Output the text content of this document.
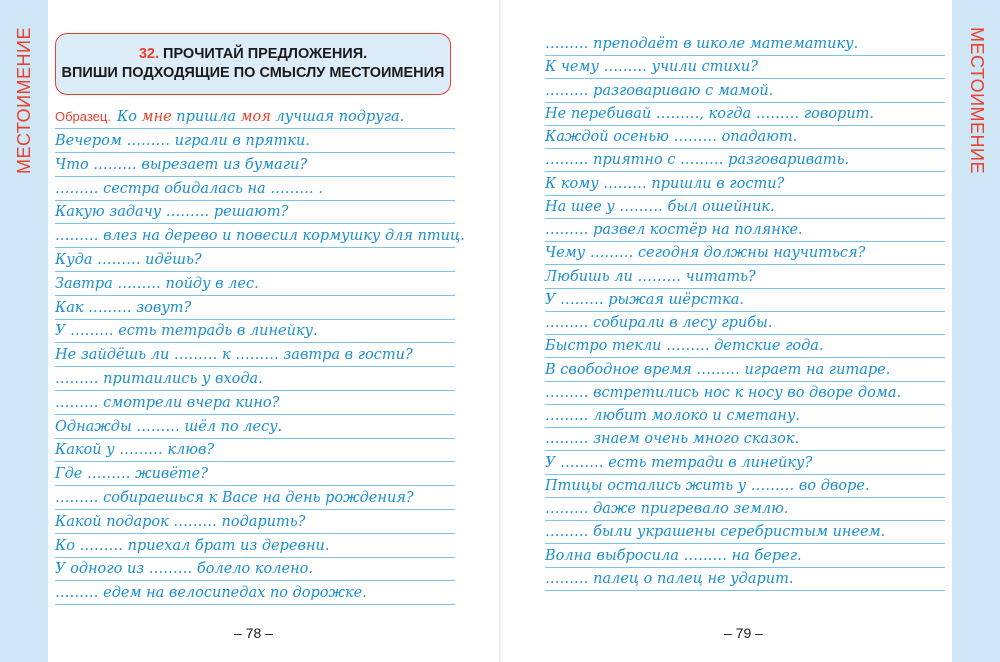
МЕСТОИМЕНИЕ	МЕСТОИМЕНИЕ
32. ПРОЧИТАЙ ПРЕДЛОЖЕНИЯ.
ВПИШИ ПОДХОДЯЩИЕ ПО СМЫСЛУ МЕСТОИМЕНИЯ
Образец. Ко мне пришла моя лучшая подруга.
Вечером ……… играли в прятки.
Что ……… вырезает из бумаги?
……… сестра обидалась на ……… .
Какую задачу ……… решают?
……… влез на дерево и повесил кормушку для птиц.
Куда ……… идёшь?
Завтра ……… пойду в лес.
Как ……… зовут?
У ……… есть тетрадь в линейку.
Не зайдёшь ли ……… к ……… завтра в гости?
……… притаились у входа.
……… смотрели вчера кино?
Однажды ……… шёл по лесу.
Какой у ……… клюв?
Где ……… живёте?
……… собираешься к Васе на день рождения?
Какой подарок ……… подарить?
Ко ……… приехал брат из деревни.
У одного из ……… болело колено.
……… едем на велосипедах по дорожке.
……… преподаёт в школе математику.
К чему ……… учили стихи?
……… разговариваю с мамой.
Не перебивай ………, когда ……… говорит.
Каждой осенью ……… опадают.
……… приятно с ……… разговаривать.
К кому ……… пришли в гости?
На шее у ……… был ошейник.
……… развел костёр на полянке.
Чему ……… сегодня должны научиться?
Любишь ли ……… читать?
У ……… рыжая шёрстка.
……… собирали в лесу грибы.
Быстро текли ……… детские года.
В свободное время ……… играет на гитаре.
……… встретились нос к носу во дворе дома.
……… любит молоко и сметану.
……… знаем очень много сказок.
У ……… есть тетради в линейку?
Птицы остались жить у ……… во дворе.
……… даже пригревало землю.
……… были украшены серебристым инеем.
Волна выбросила ……… на берег.
……… палец о палец не ударит.
– 78 –	– 79 –
